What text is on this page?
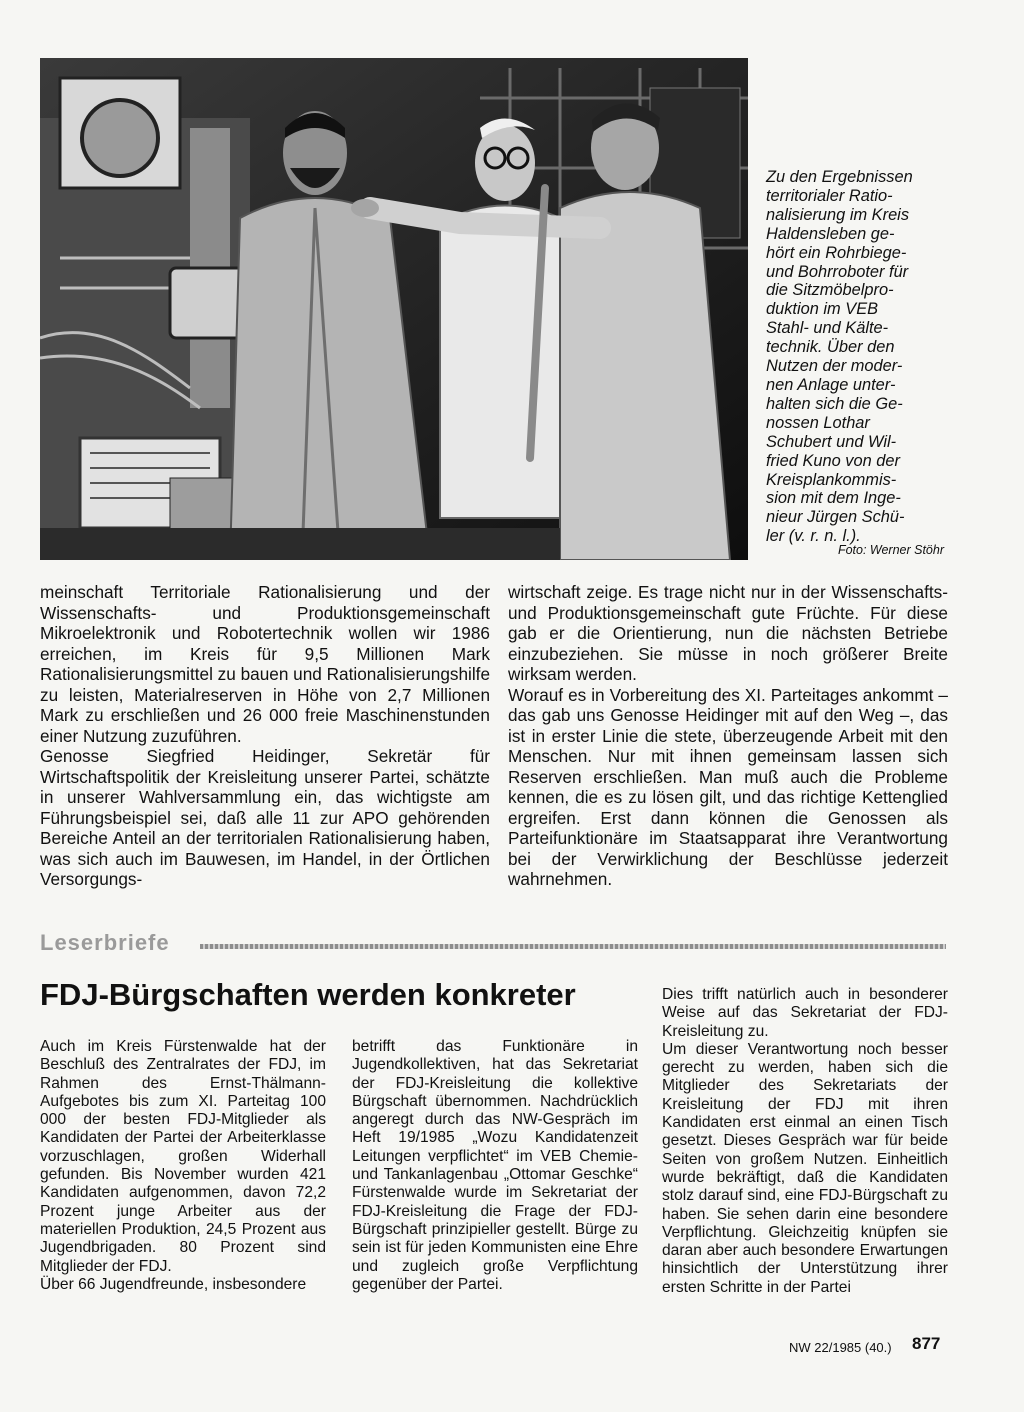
Zu den Ergebnissen
territorialer Ratio-
nalisierung im Kreis
Haldensleben ge-
hört ein Rohrbiege-
und Bohrroboter für
die Sitzmöbelpro-
duktion im VEB
Stahl- und Kälte-
technik. Über den
Nutzen der moder-
nen Anlage unter-
halten sich die Ge-
nossen Lothar
Schubert und Wil-
fried Kuno von der
Kreisplankommis-
sion mit dem Inge-
nieur Jürgen Schü-
ler (v. r. n. l.).
Foto: Werner Stöhr

meinschaft Territoriale Rationalisierung und der Wissenschafts- und Produktionsgemeinschaft Mikroelektronik und Robotertechnik wollen wir 1986 erreichen, im Kreis für 9,5 Millionen Mark Rationalisierungsmittel zu bauen und Rationalisierungshilfe zu leisten, Materialreserven in Höhe von 2,7 Millionen Mark zu erschließen und 26 000 freie Maschinenstunden einer Nutzung zuzuführen.

Genosse Siegfried Heidinger, Sekretär für Wirtschaftspolitik der Kreisleitung unserer Partei, schätzte in unserer Wahlversammlung ein, das wichtigste am Führungsbeispiel sei, daß alle 11 zur APO gehörenden Bereiche Anteil an der territorialen Rationalisierung haben, was sich auch im Bauwesen, im Handel, in der Örtlichen Versorgungs-

wirtschaft zeige. Es trage nicht nur in der Wissenschafts- und Produktionsgemeinschaft gute Früchte. Für diese gab er die Orientierung, nun die nächsten Betriebe einzubeziehen. Sie müsse in noch größerer Breite wirksam werden.

Worauf es in Vorbereitung des XI. Parteitages ankommt – das gab uns Genosse Heidinger mit auf den Weg –, das ist in erster Linie die stete, überzeugende Arbeit mit den Menschen. Nur mit ihnen gemeinsam lassen sich Reserven erschließen. Man muß auch die Probleme kennen, die es zu lösen gilt, und das richtige Kettenglied ergreifen. Erst dann können die Genossen als Parteifunktionäre im Staatsapparat ihre Verantwortung bei der Verwirklichung der Beschlüsse jederzeit wahrnehmen.

Leserbriefe
FDJ-Bürgschaften werden konkreter

Auch im Kreis Fürstenwalde hat der Beschluß des Zentralrates der FDJ, im Rahmen des Ernst-Thälmann-Aufgebotes bis zum XI. Parteitag 100 000 der besten FDJ-Mitglieder als Kandidaten der Partei der Arbeiterklasse vorzuschlagen, großen Widerhall gefunden. Bis November wurden 421 Kandidaten aufgenommen, davon 72,2 Prozent junge Arbeiter aus der materiellen Produktion, 24,5 Prozent aus Jugendbrigaden. 80 Prozent sind Mitglieder der FDJ.

Über 66 Jugendfreunde, insbesondere

betrifft das Funktionäre in Jugendkollektiven, hat das Sekretariat der FDJ-Kreisleitung die kollektive Bürgschaft übernommen. Nachdrücklich angeregt durch das NW-Gespräch im Heft 19/1985 „Wozu Kandidatenzeit Leitungen verpflichtet“ im VEB Chemie- und Tankanlagenbau „Ottomar Geschke“ Fürstenwalde wurde im Sekretariat der FDJ-Kreisleitung die Frage der FDJ-Bürgschaft prinzipieller gestellt. Bürge zu sein ist für jeden Kommunisten eine Ehre und zugleich große Verpflichtung gegenüber der Partei.

Dies trifft natürlich auch in besonderer Weise auf das Sekretariat der FDJ-Kreisleitung zu.

Um dieser Verantwortung noch besser gerecht zu werden, haben sich die Mitglieder des Sekretariats der Kreisleitung der FDJ mit ihren Kandidaten erst einmal an einen Tisch gesetzt. Dieses Gespräch war für beide Seiten von großem Nutzen. Einheitlich wurde bekräftigt, daß die Kandidaten stolz darauf sind, eine FDJ-Bürgschaft zu haben. Sie sehen darin eine besondere Verpflichtung. Gleichzeitig knüpfen sie daran aber auch besondere Erwartungen hinsichtlich der Unterstützung ihrer ersten Schritte in der Partei

NW 22/1985 (40.) 877
